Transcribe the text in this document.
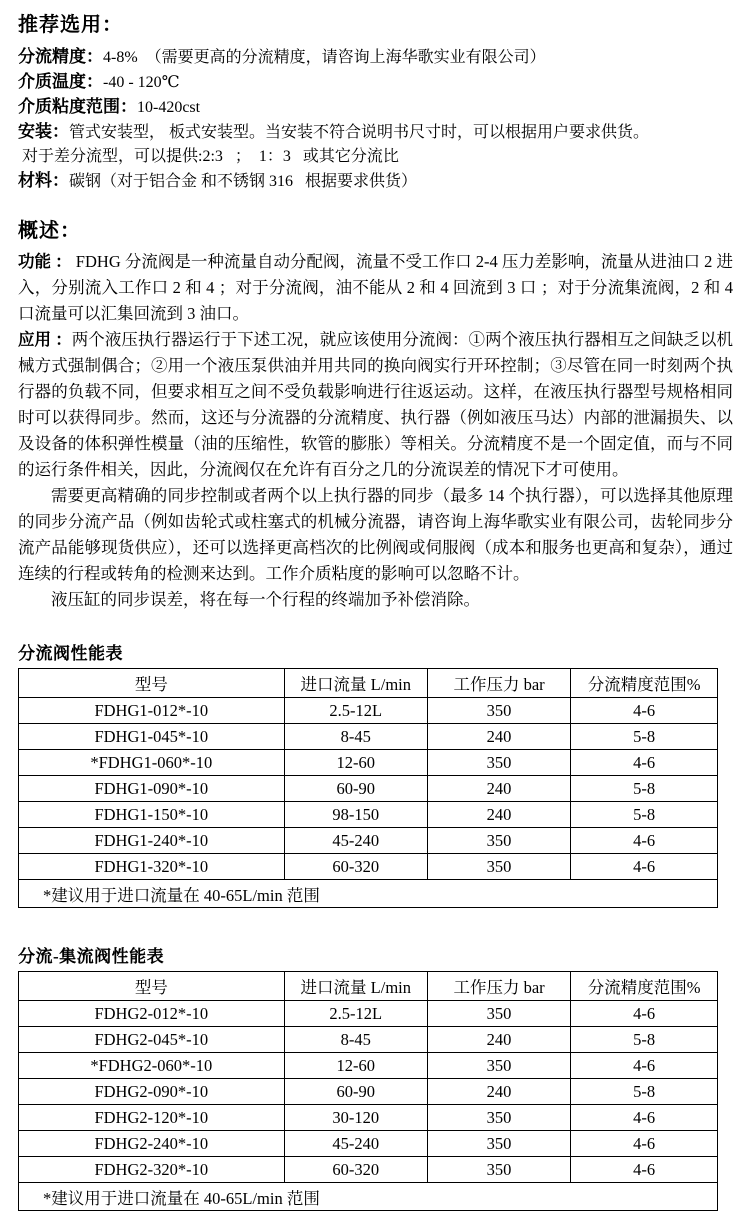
推荐选用：
分流精度：4-8%  （需要更高的分流精度，请咨询上海华歌实业有限公司）
介质温度：-40 - 120℃
介质粘度范围：10-420cst
安装：管式安装型， 板式安装型。当安装不符合说明书尺寸时，可以根据用户要求供货。
对于差分流型，可以提供:2:3   ；  1：3   或其它分流比
材料：碳钢（对于铝合金 和不锈钢 316   根据要求供货）
概述：
功能 ： FDHG 分流阀是一种流量自动分配阀，流量不受工作口 2-4 压力差影响，流量从进油口 2 进入，分别流入工作口 2 和 4 ；对于分流阀，油不能从 2 和 4 回流到 3 口 ；对于分流集流阀，2 和 4 口流量可以汇集回流到 3 油口。
应用 ：两个液压执行器运行于下述工况，就应该使用分流阀：①两个液压执行器相互之间缺乏以机械方式强制偶合；②用一个液压泵供油并用共同的换向阀实行开环控制；③尽管在同一时刻两个执行器的负载不同，但要求相互之间不受负载影响进行往返运动。这样，在液压执行器型号规格相同时可以获得同步。然而，这还与分流器的分流精度、执行器（例如液压马达）内部的泄漏损失、以及设备的体积弹性模量（油的压缩性，软管的膨胀）等相关。分流精度不是一个固定值，而与不同的运行条件相关，因此，分流阀仅在允许有百分之几的分流误差的情况下才可使用。
需要更高精确的同步控制或者两个以上执行器的同步（最多 14 个执行器），可以选择其他原理的同步分流产品（例如齿轮式或柱塞式的机械分流器，请咨询上海华歌实业有限公司，齿轮同步分流产品能够现货供应），还可以选择更高档次的比例阀或伺服阀（成本和服务也更高和复杂），通过连续的行程或转角的检测来达到。工作介质粘度的影响可以忽略不计。
液压缸的同步误差，将在每一个行程的终端加予补偿消除。
分流阀性能表
型号	进口流量 L/min	工作压力 bar	分流精度范围%
FDHG1-012*-10	2.5-12L	350	4-6
FDHG1-045*-10	8-45	240	5-8
*FDHG1-060*-10	12-60	350	4-6
FDHG1-090*-10	60-90	240	5-8
FDHG1-150*-10	98-150	240	5-8
FDHG1-240*-10	45-240	350	4-6
FDHG1-320*-10	60-320	350	4-6
*建议用于进口流量在 40-65L/min 范围			
分流-集流阀性能表
型号	进口流量 L/min	工作压力 bar	分流精度范围%
FDHG2-012*-10	2.5-12L	350	4-6
FDHG2-045*-10	8-45	240	5-8
*FDHG2-060*-10	12-60	350	4-6
FDHG2-090*-10	60-90	240	5-8
FDHG2-120*-10	30-120	350	4-6
FDHG2-240*-10	45-240	350	4-6
FDHG2-320*-10	60-320	350	4-6
*建议用于进口流量在 40-65L/min 范围			
